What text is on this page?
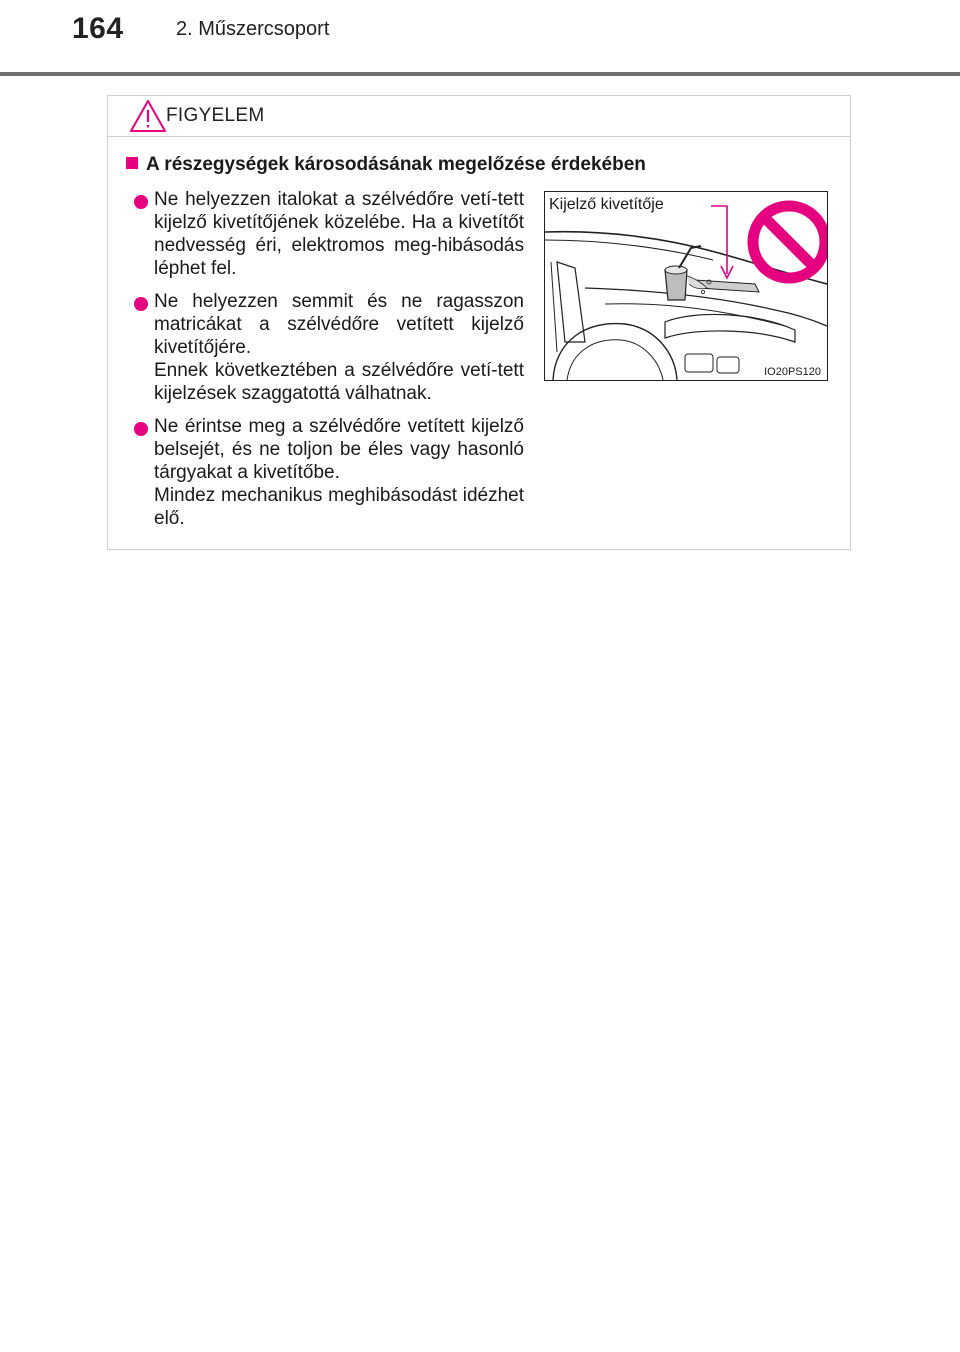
164	2. Műszercsoport
FIGYELEM
A részegységek károsodásának megelőzése érdekében

Ne helyezzen italokat a szélvédőre vetí-tett kijelző kivetítőjének közelébe. Ha a kivetítőt nedvesség éri, elektromos meg-hibásodás léphet fel.

Ne helyezzen semmit és ne ragasszon matricákat a szélvédőre vetített kijelző kivetítőjére.
Ennek következtében a szélvédőre vetí-tett kijelzések szaggatottá válhatnak.

Ne érintse meg a szélvédőre vetített kijelző belsejét, és ne toljon be éles vagy hasonló tárgyakat a kivetítőbe.
Mindez mechanikus meghibásodást idézhet elő.

Kijelző kivetítője
IO20PS120
